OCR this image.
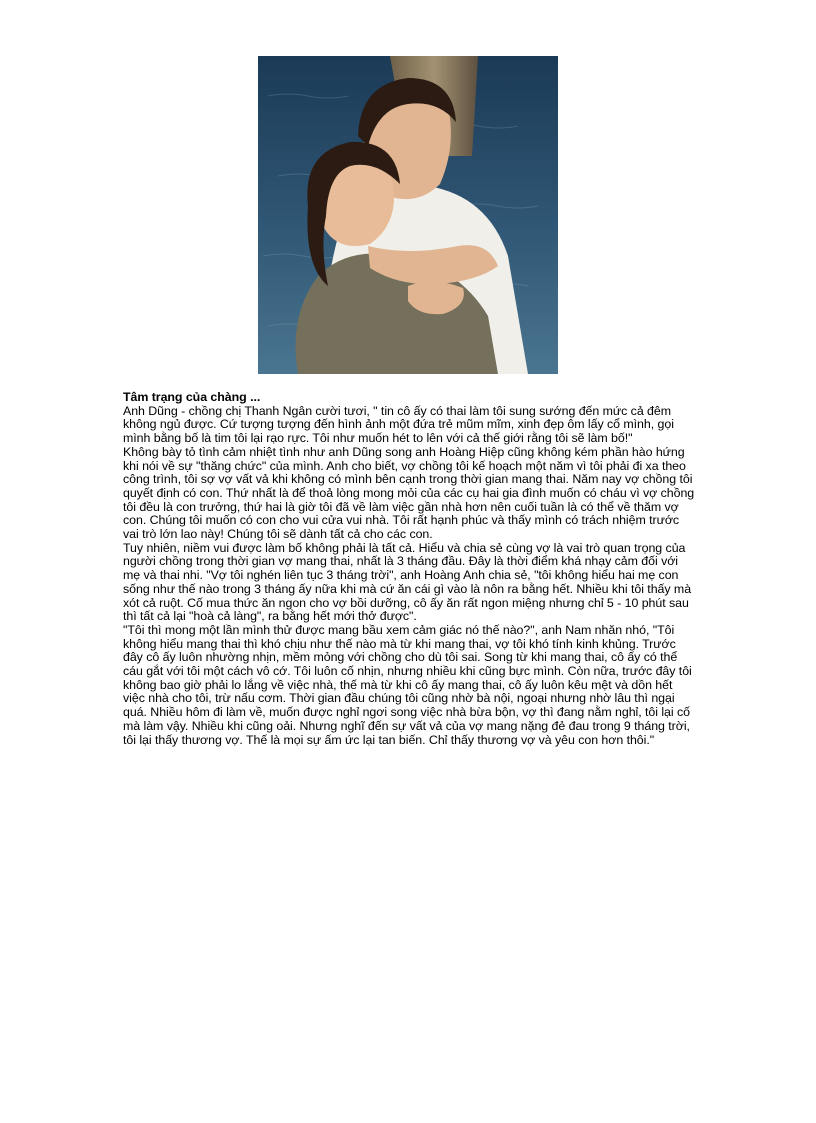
Tâm trạng của chàng ...

Anh Dũng - chồng chị Thanh Ngân cười tươi, " tin cô ấy có thai làm tôi sung sướng đến mức cả đêm không ngủ được. Cứ tượng tượng đến hình ảnh một đứa trẻ mũm mĩm, xinh đẹp ôm lấy cổ mình, gọi mình bằng bố là tim tôi lại rạo rực. Tôi như muốn hét to lên với cả thế giới rằng tôi sẽ làm bố!"

Không bày tỏ tình cảm nhiệt tình như anh Dũng song anh Hoàng Hiệp cũng không kém phần hào hứng khi nói về sự "thăng chức" của mình. Anh cho biết, vợ chồng tôi kế hoạch một năm vì tôi phải đi xa theo công trình, tôi sợ vợ vất vả khi không có mình bên cạnh trong thời gian mang thai. Năm nay vợ chồng tôi quyết định có con. Thứ nhất là để thoả lòng mong mỏi của các cụ hai gia đình muốn có cháu vì vợ chồng tôi đều là con trưởng, thứ hai là giờ tôi đã về làm việc gần nhà hơn nên cuối tuần là có thể về thăm vợ con. Chúng tôi muốn có con cho vui cửa vui nhà. Tôi rất hạnh phúc và thấy mình có trách nhiệm trước vai trò lớn lao này! Chúng tôi sẽ dành tất cả cho các con.

Tuy nhiên, niềm vui được làm bố không phải là tất cả. Hiểu và chia sẻ cùng vợ là vai trò quan trọng của người chồng trong thời gian vợ mang thai, nhất là 3 tháng đầu. Đây là thời điểm khá nhạy cảm đối với mẹ và thai nhi. "Vợ tôi nghén liên tục 3 tháng trời", anh Hoàng Anh chia sẻ, "tôi không hiểu hai mẹ con sống như thế nào trong 3 tháng ấy nữa khi mà cứ ăn cái gì vào là nôn ra bằng hết. Nhiều khi tôi thấy mà xót cả ruột. Cố mua thức ăn ngon cho vợ bồi dưỡng, cô ấy ăn rất ngon miệng nhưng chỉ 5 - 10 phút sau thì tất cả lại "hoà cả làng", ra bằng hết mới thở được".

"Tôi thì mong một lần mình thử được mang bầu xem cảm giác nó thế nào?", anh Nam nhăn nhó, "Tôi không hiểu mang thai thì khó chịu như thế nào mà từ khi mang thai, vợ tôi khó tính kinh khủng. Trước đây cô ấy luôn nhường nhịn, mềm mỏng với chồng cho dù tôi sai. Song từ khi mang thai, cô ấy có thể cáu gắt với tôi một cách vô cớ. Tôi luôn cố nhịn, nhưng nhiều khi cũng bực mình. Còn nữa, trước đây tôi không bao giờ phải lo lắng về việc nhà, thế mà từ khi cô ấy mang thai, cô ấy luôn kêu mệt và dồn hết việc nhà cho tôi, trừ nấu cơm. Thời gian đầu chúng tôi cũng nhờ bà nội, ngoại nhưng nhờ lâu thì ngại quá. Nhiều hôm đi làm về, muốn được nghỉ ngơi song việc nhà bừa bộn, vợ thì đang nằm nghỉ, tôi lại cố mà làm vậy. Nhiều khi cũng oải. Nhưng nghĩ đến sự vất vả của vợ mang nặng đẻ đau trong 9 tháng trời, tôi lại thấy thương vợ. Thế là mọi sự ấm ức lại tan biến. Chỉ thấy thương vợ và yêu con hơn thôi."
